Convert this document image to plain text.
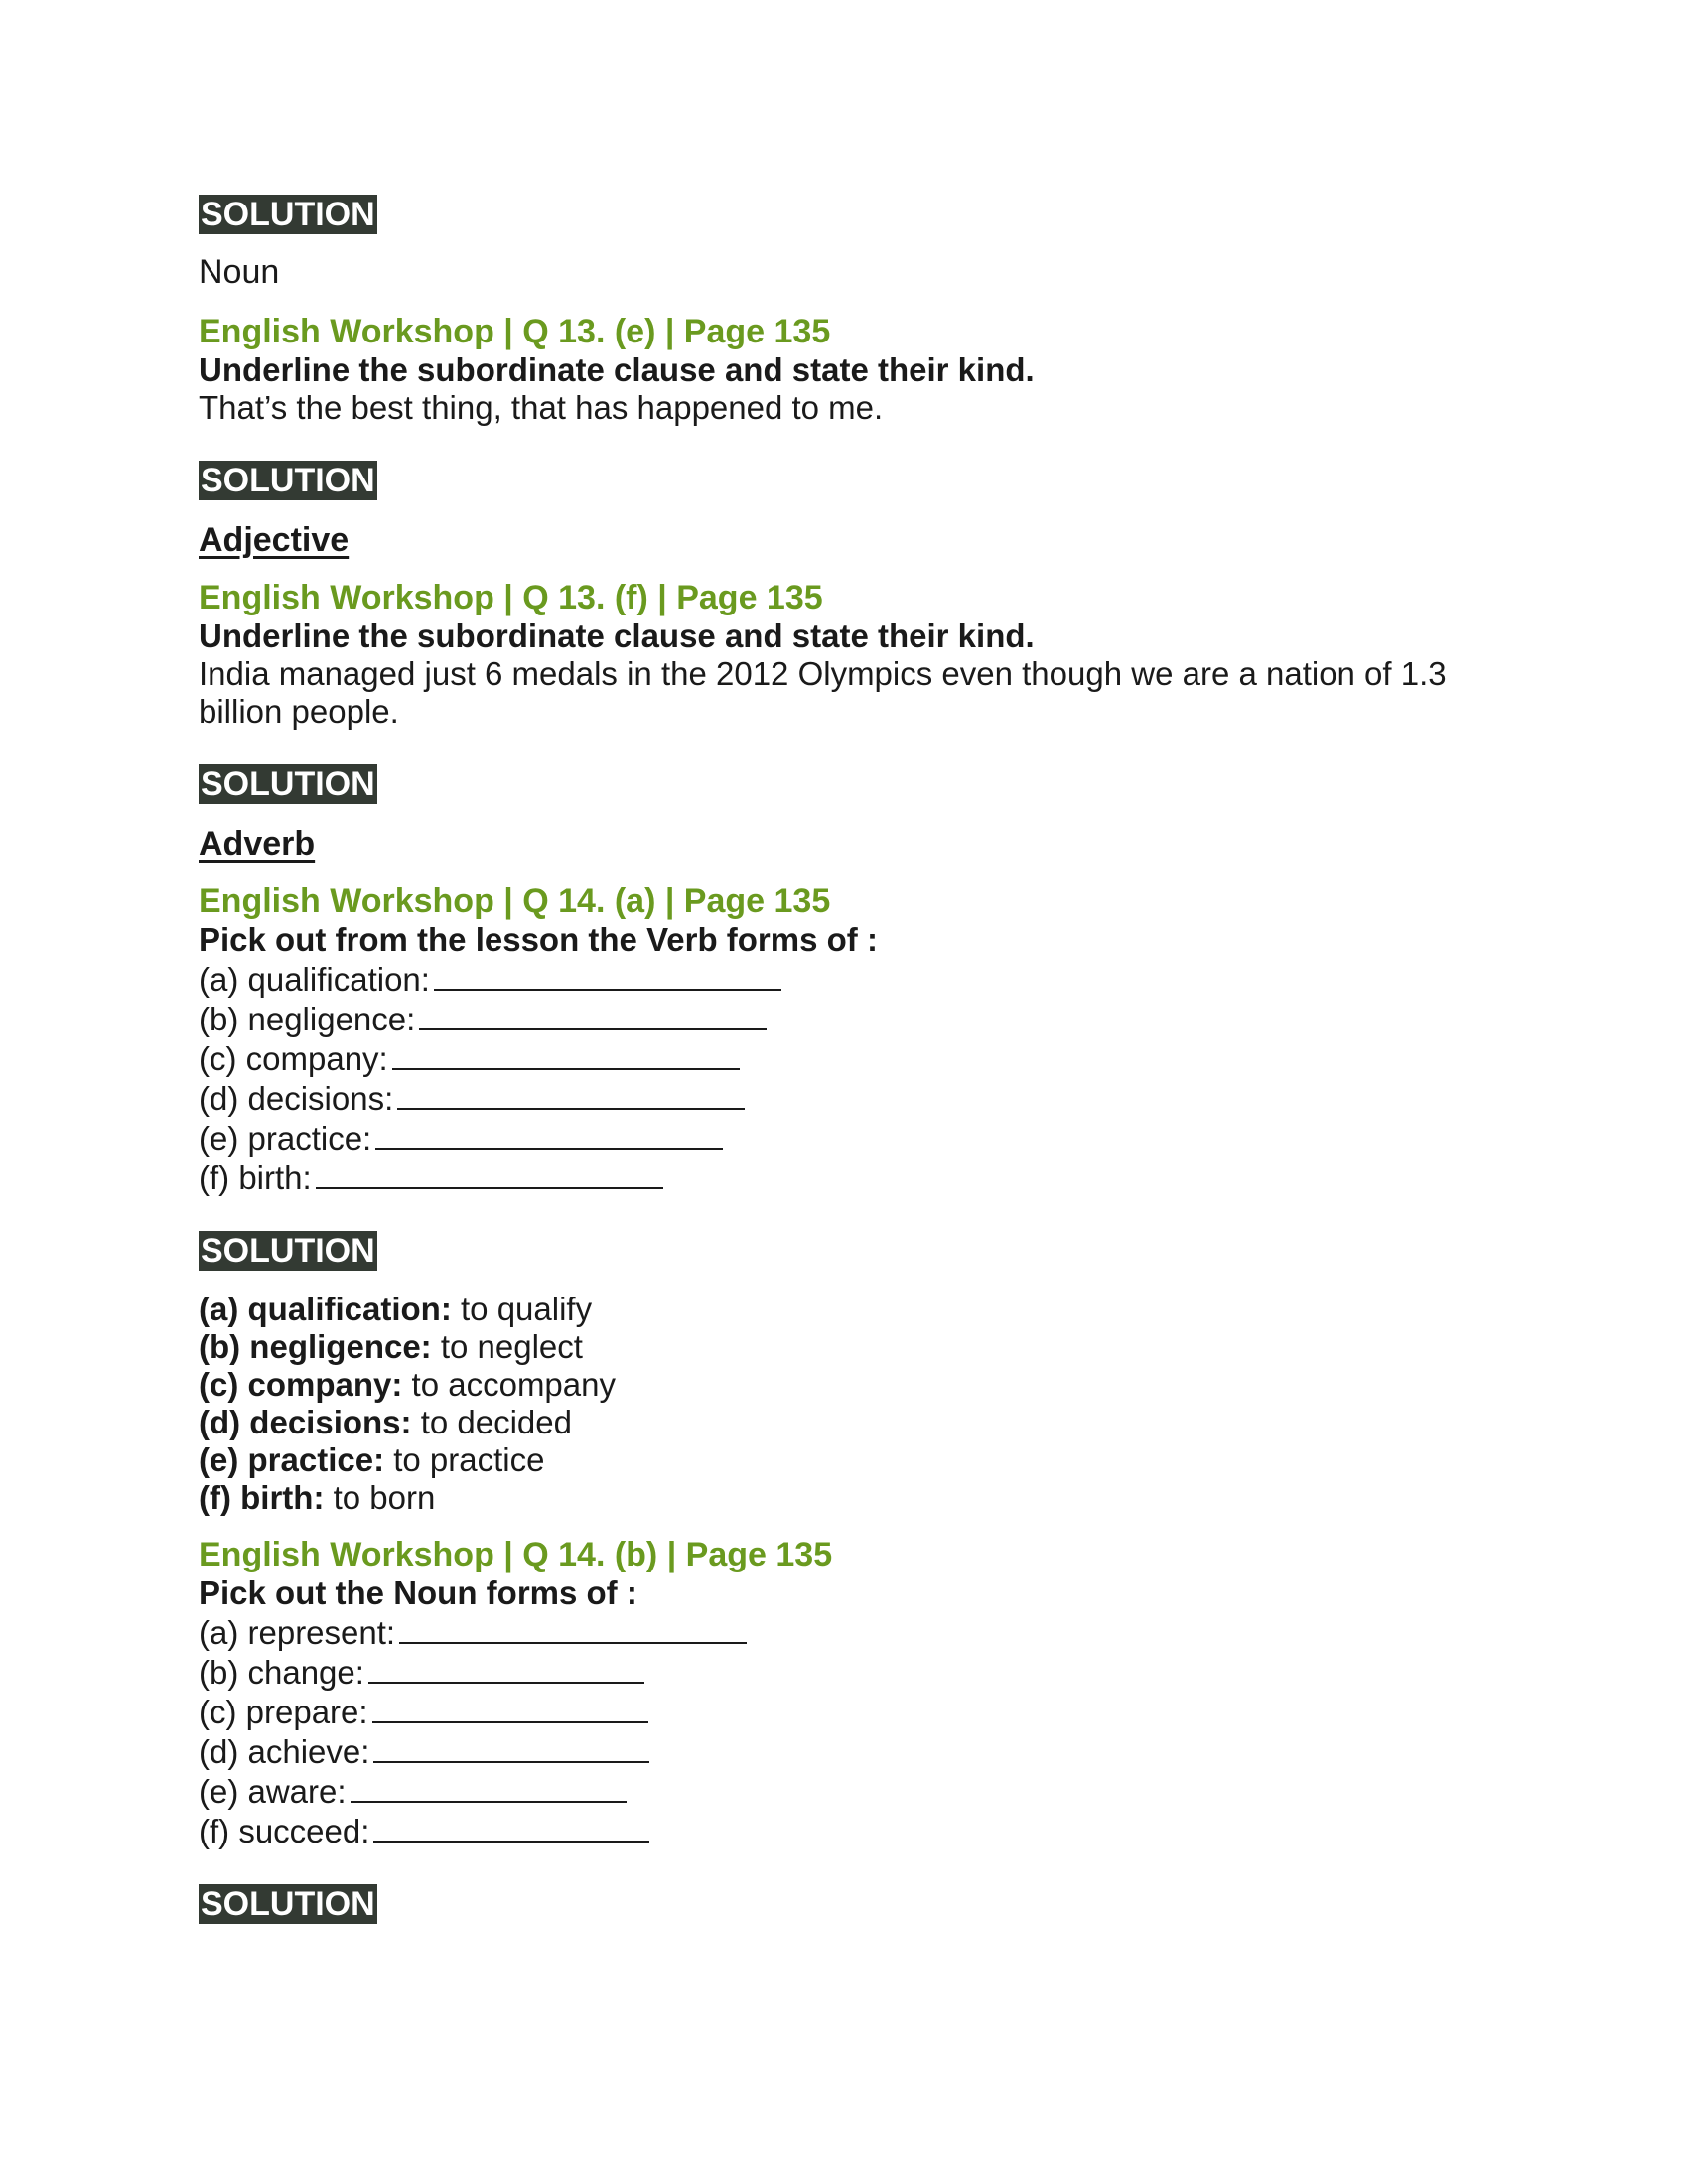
SOLUTION
Noun
English Workshop | Q 13. (e) | Page 135
Underline the subordinate clause and state their kind.
That’s the best thing, that has happened to me.
SOLUTION
Adjective
English Workshop | Q 13. (f) | Page 135
Underline the subordinate clause and state their kind.
India managed just 6 medals in the 2012 Olympics even though we are a nation of 1.3 billion people.
SOLUTION
Adverb
English Workshop | Q 14. (a) | Page 135
Pick out from the lesson the Verb forms of :
(a) qualification:
(b) negligence:
(c) company:
(d) decisions:
(e) practice:
(f) birth:
SOLUTION
(a) qualification: to qualify
(b) negligence: to neglect
(c) company: to accompany
(d) decisions: to decided
(e) practice: to practice
(f) birth: to born
English Workshop | Q 14. (b) | Page 135
Pick out the Noun forms of :
(a) represent:
(b) change:
(c) prepare:
(d) achieve:
(e) aware:
(f) succeed:
SOLUTION
